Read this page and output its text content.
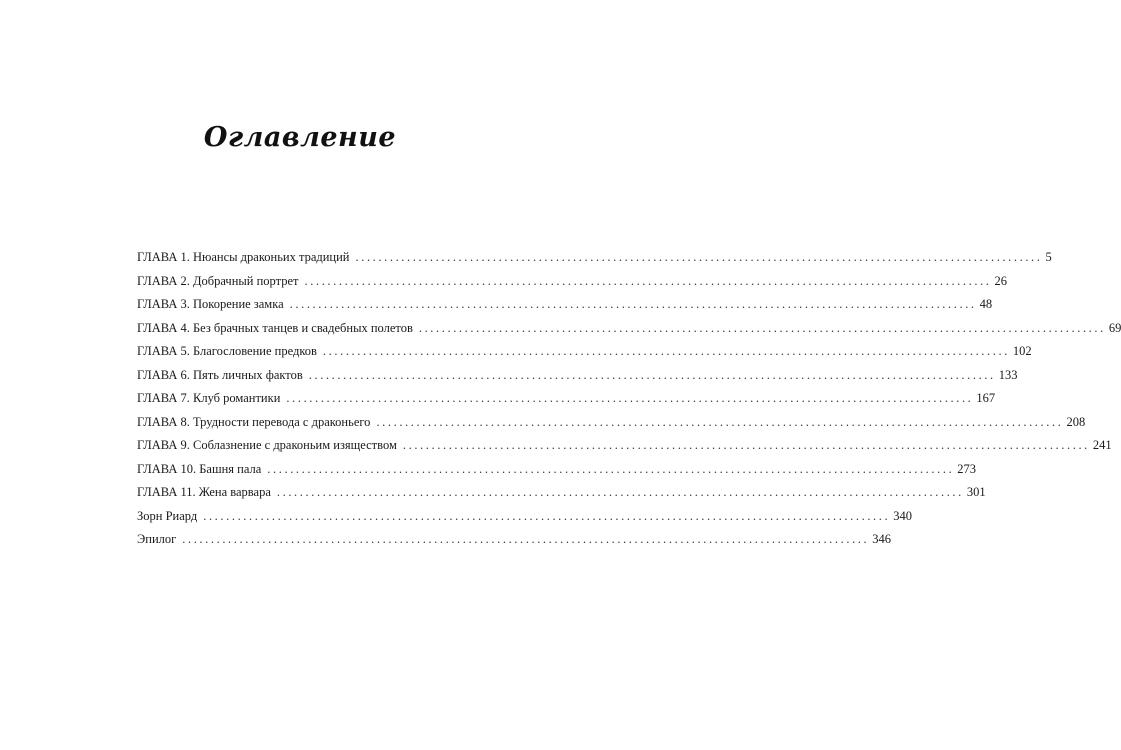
Оглавление
ГЛАВА 1. Нюансы драконьих традиций ........................................................................................................................ 5
ГЛАВА 2. Добрачный портрет ........................................................................................................................ 26
ГЛАВА 3. Покорение замка ........................................................................................................................ 48
ГЛАВА 4. Без брачных танцев и свадебных полетов ........................................................................................................................ 69
ГЛАВА 5. Благословение предков ........................................................................................................................ 102
ГЛАВА 6. Пять личных фактов ........................................................................................................................ 133
ГЛАВА 7. Клуб романтики ........................................................................................................................ 167
ГЛАВА 8. Трудности перевода с драконьего ........................................................................................................................ 208
ГЛАВА 9. Соблазнение с драконьим изяществом ........................................................................................................................ 241
ГЛАВА 10. Башня пала ........................................................................................................................ 273
ГЛАВА 11. Жена варвара ........................................................................................................................ 301
Зорн Риард ........................................................................................................................ 340
Эпилог ........................................................................................................................ 346
